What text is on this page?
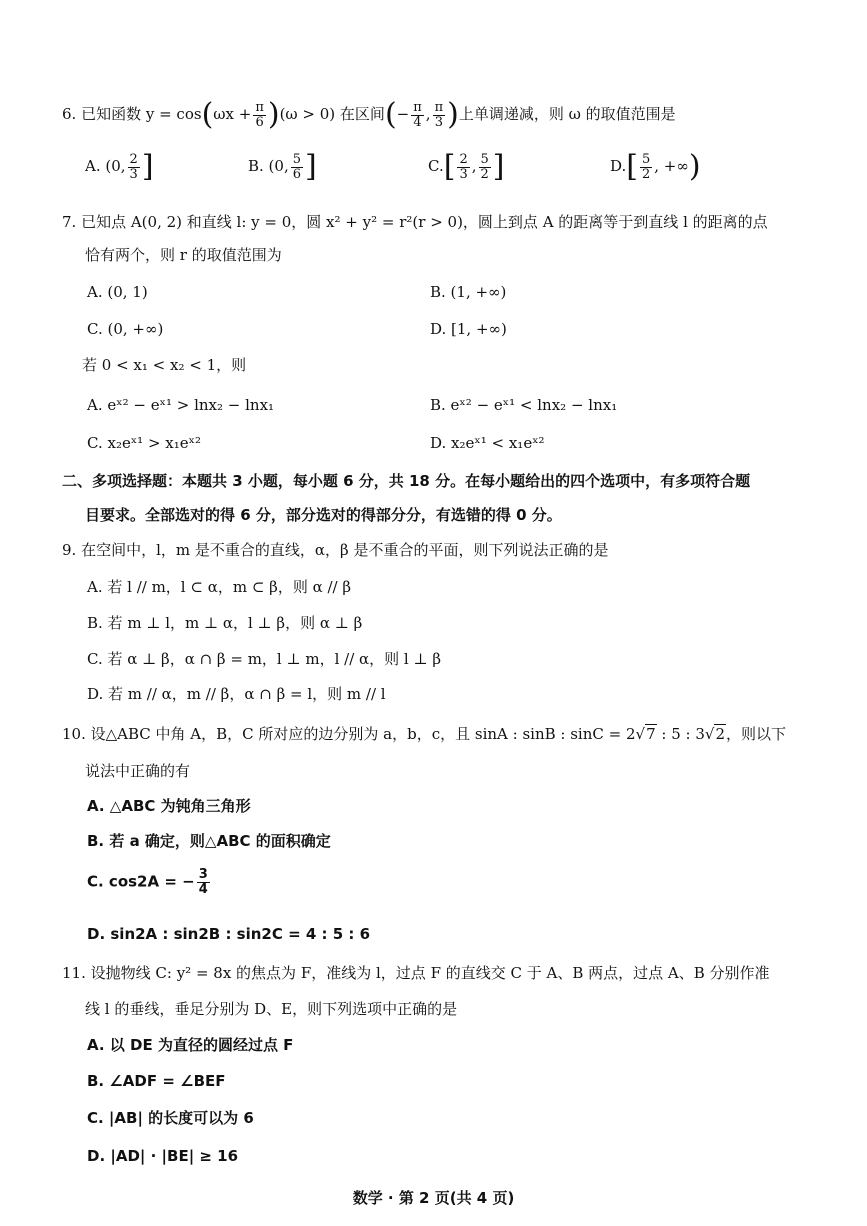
6. 已知函数 $y = \cos(\omega x + \frac{\pi}{6} )(\omega > 0)$ 在区间(− $\frac{\pi}{4}$ , $\frac{\pi}{3}$ )上单调递减，则 ω 的取值范围是
A. (0, $\frac{2}{3}$ ]	B. (0, $\frac{5}{6}$ ]	$C.[ \frac{2}{3}$ , $\frac{5}{2}$ ]	$D.[ \frac{5}{2}$ , +∞)
7. 已知点 A(0, 2) 和直线 l: y = 0，圆 x² + y² = r²(r > 0)，圆上到点 A 的距离等于到直线 l 的距离的点
恰有两个，则 r 的取值范围为
A. (0, 1)	B. (1, +∞)
C. (0, +∞)	D. [1, +∞)
若 0 < x₁ < x₂ < 1，则
A. eˣ² − eˣ¹ > lnx₂ − lnx₁	B. eˣ² − eˣ¹ < lnx₂ − lnx₁
C. x₂eˣ¹ > x₁eˣ²	D. x₂eˣ¹ < x₁eˣ²
二、多项选择题：本题共 3 小题，每小题 6 分，共 18 分。在每小题给出的四个选项中，有多项符合题
目要求。全部选对的得 6 分，部分选对的得部分分，有选错的得 0 分。
9. 在空间中，l，m 是不重合的直线，α，β 是不重合的平面，则下列说法正确的是
A. 若 l // m，l ⊂ α，m ⊂ β，则 α // β
B. 若 m ⊥ l，m ⊥ α，l ⊥ β，则 α ⊥ β
C. 若 α ⊥ β，α ∩ β = m，l ⊥ m，l // α，则 l ⊥ β
D. 若 m // α，m // β，α ∩ β = l，则 m // l
10. 设△ABC 中角 A，B，C 所对应的边分别为 a，b，c，且 sinA : sinB : sinC = 2√7 : 5 : 3√2，则以下
说法中正确的有
A. △ABC 为钝角三角形
B. 若 a 确定，则△ABC 的面积确定
C. cos2A = − $\frac{3}{4}$
D. sin2A : sin2B : sin2C = 4 : 5 : 6
11. 设抛物线 C: y² = 8x 的焦点为 F，准线为 l，过点 F 的直线交 C 于 A、B 两点，过点 A、B 分别作准
线 l 的垂线，垂足分别为 D、E，则下列选项中正确的是
A. 以 DE 为直径的圆经过点 F
B. ∠ADF = ∠BEF
C. |AB| 的长度可以为 6
D. |AD| · |BE| ≥ 16
数学 · 第 2 页(共 4 页)
